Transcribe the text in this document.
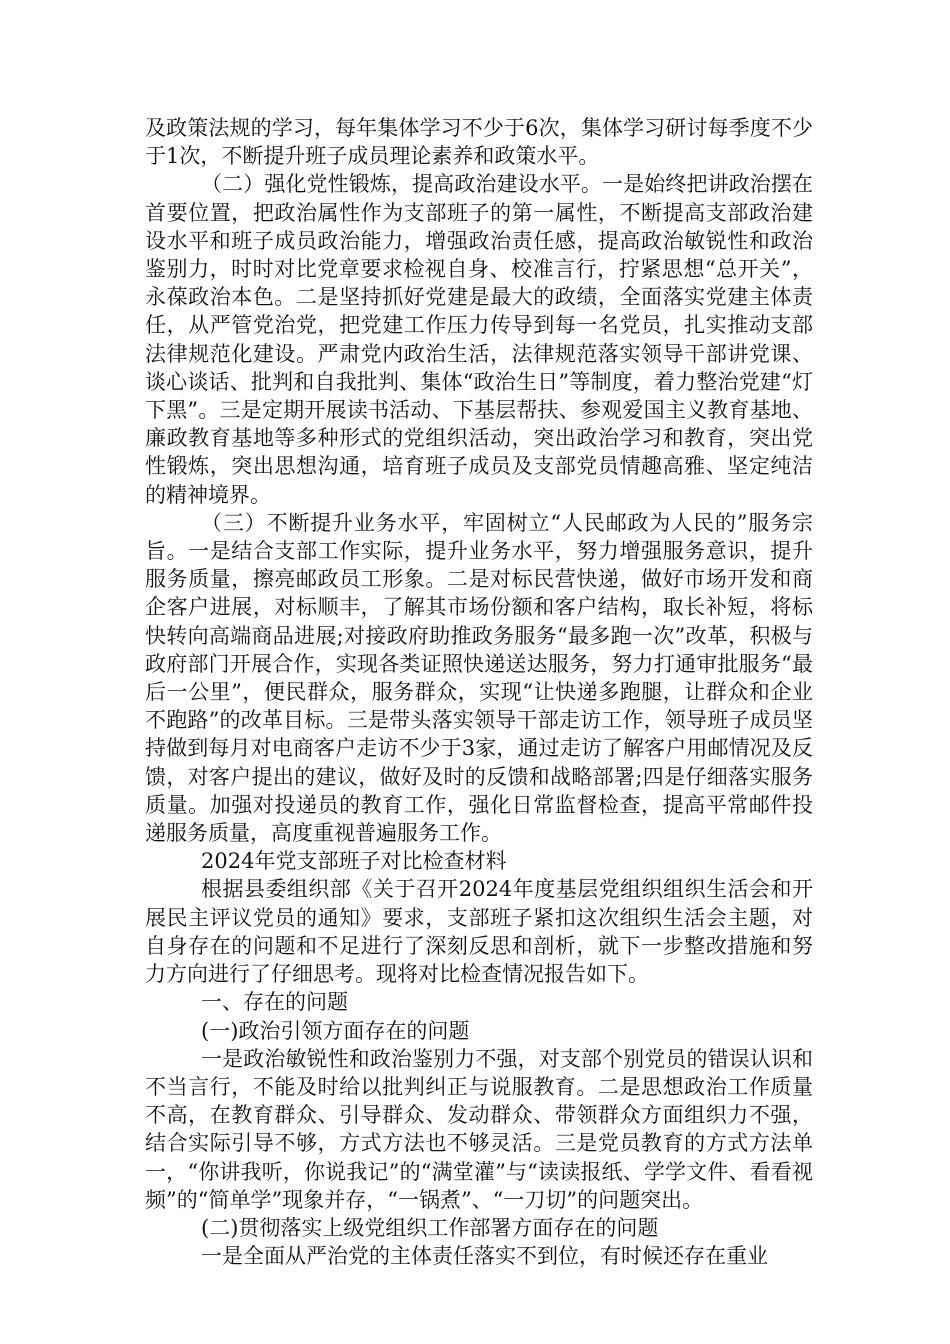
及政策法规的学习，每年集体学习不少于6次，集体学习研讨每季度不少于1次，不断提升班子成员理论素养和政策水平。

（二）强化党性锻炼，提高政治建设水平。一是始终把讲政治摆在首要位置，把政治属性作为支部班子的第一属性，不断提高支部政治建设水平和班子成员政治能力，增强政治责任感，提高政治敏锐性和政治鉴别力，时时对比党章要求检视自身、校准言行，拧紧思想“总开关”，永葆政治本色。二是坚持抓好党建是最大的政绩，全面落实党建主体责任，从严管党治党，把党建工作压力传导到每一名党员，扎实推动支部法律规范化建设。严肃党内政治生活，法律规范落实领导干部讲党课、谈心谈话、批判和自我批判、集体“政治生日”等制度，着力整治党建“灯下黑”。三是定期开展读书活动、下基层帮扶、参观爱国主义教育基地、廉政教育基地等多种形式的党组织活动，突出政治学习和教育，突出党性锻炼，突出思想沟通，培育班子成员及支部党员情趣高雅、坚定纯洁的精神境界。

（三）不断提升业务水平，牢固树立“人民邮政为人民的”服务宗旨。一是结合支部工作实际，提升业务水平，努力增强服务意识，提升服务质量，擦亮邮政员工形象。二是对标民营快递，做好市场开发和商企客户进展，对标顺丰，了解其市场份额和客户结构，取长补短，将标快转向高端商品进展;对接政府助推政务服务“最多跑一次”改革，积极与政府部门开展合作，实现各类证照快递送达服务，努力打通审批服务“最后一公里”，便民群众，服务群众，实现“让快递多跑腿，让群众和企业不跑路”的改革目标。三是带头落实领导干部走访工作，领导班子成员坚持做到每月对电商客户走访不少于3家，通过走访了解客户用邮情况及反馈，对客户提出的建议，做好及时的反馈和战略部署;四是仔细落实服务质量。加强对投递员的教育工作，强化日常监督检查，提高平常邮件投递服务质量，高度重视普遍服务工作。

2024年党支部班子对比检查材料

根据县委组织部《关于召开2024年度基层党组织组织生活会和开展民主评议党员的通知》要求，支部班子紧扣这次组织生活会主题，对自身存在的问题和不足进行了深刻反思和剖析，就下一步整改措施和努力方向进行了仔细思考。现将对比检查情况报告如下。

一、存在的问题

(一)政治引领方面存在的问题

一是政治敏锐性和政治鉴别力不强，对支部个别党员的错误认识和不当言行，不能及时给以批判纠正与说服教育。二是思想政治工作质量不高，在教育群众、引导群众、发动群众、带领群众方面组织力不强，结合实际引导不够，方式方法也不够灵活。三是党员教育的方式方法单一，“你讲我听，你说我记”的“满堂灌”与“读读报纸、学学文件、看看视频”的“简单学”现象并存，“一锅煮”、“一刀切”的问题突出。

(二)贯彻落实上级党组织工作部署方面存在的问题

一是全面从严治党的主体责任落实不到位，有时候还存在重业
